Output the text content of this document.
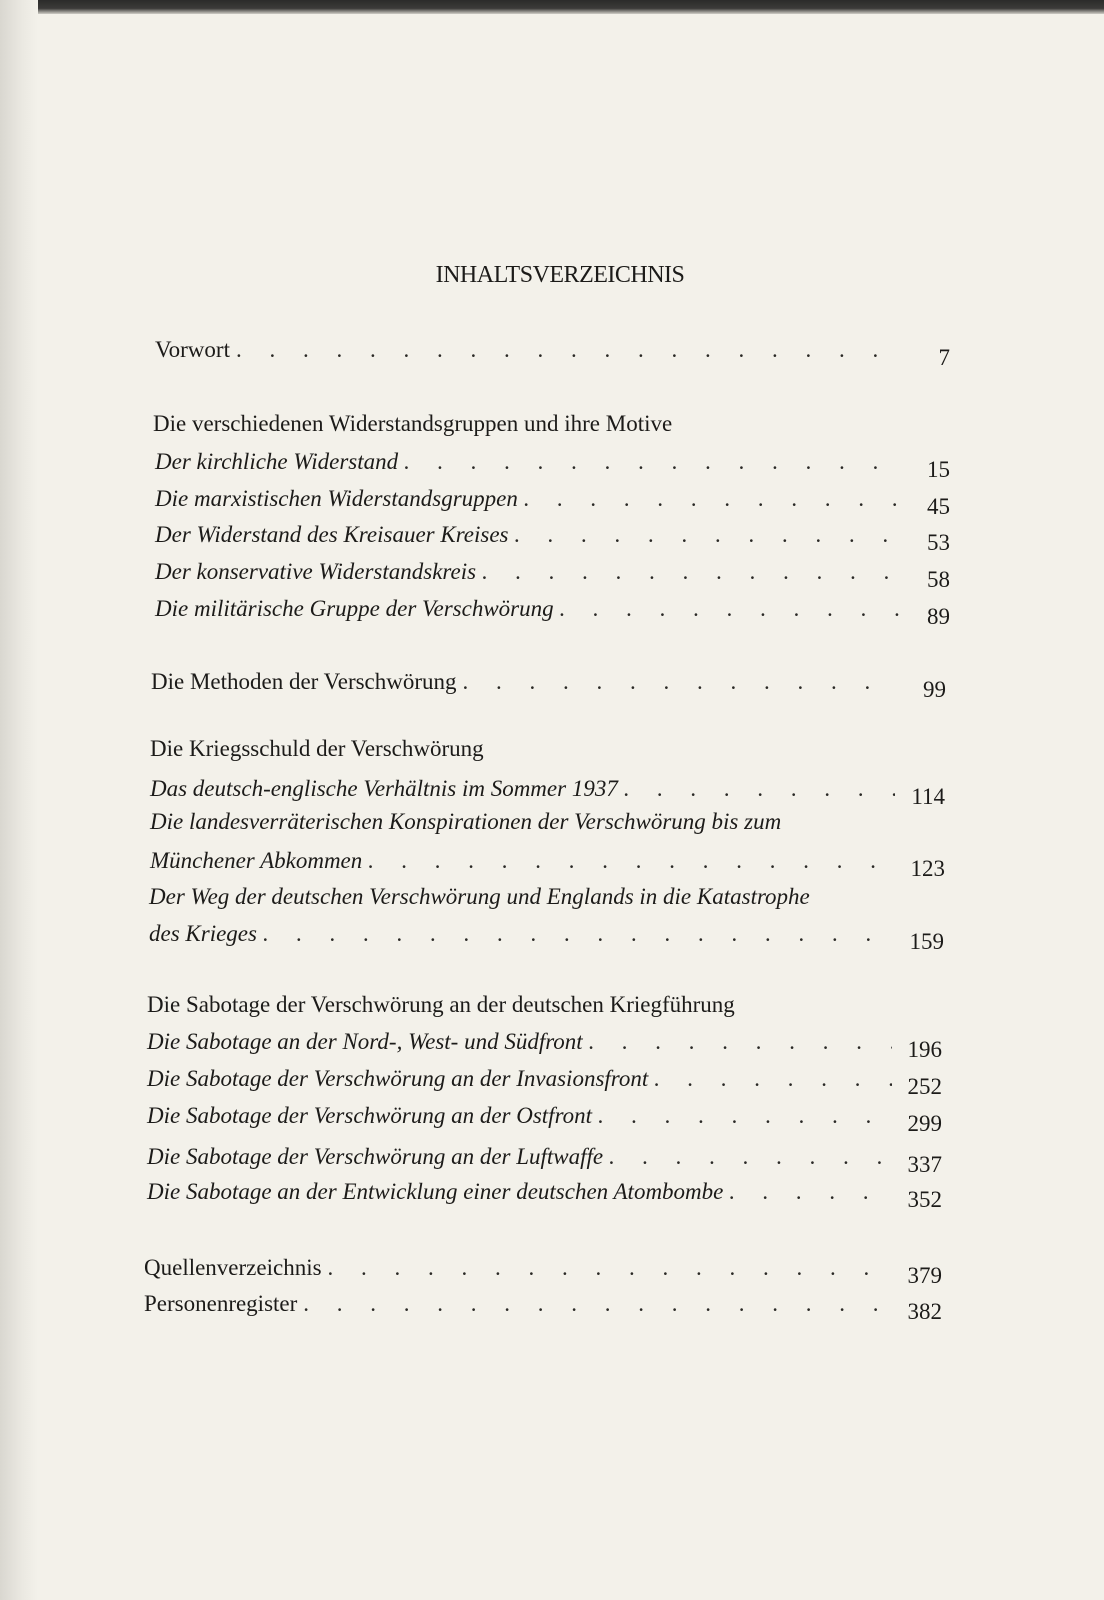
INHALTSVERZEICHNIS
Vorwort . . .	7
Die verschiedenen Widerstandsgruppen und ihre Motive
Der kirchliche Widerstand . . .	15
Die marxistischen Widerstandsgruppen . . .	45
Der Widerstand des Kreisauer Kreises . . .	53
Der konservative Widerstandskreis . . .	58
Die militärische Gruppe der Verschwörung . . .	89
Die Methoden der Verschwörung . . .	99
Die Kriegsschuld der Verschwörung
Das deutsch-englische Verhältnis im Sommer 1937 . . .	114
Die landesverräterischen Konspirationen der Verschwörung bis zum
Münchener Abkommen . . .	123
Der Weg der deutschen Verschwörung und Englands in die Katastrophe
des Krieges . . .	159
Die Sabotage der Verschwörung an der deutschen Kriegführung
Die Sabotage an der Nord-, West- und Südfront . . .	196
Die Sabotage der Verschwörung an der Invasionsfront . . .	252
Die Sabotage der Verschwörung an der Ostfront . . .	299
Die Sabotage der Verschwörung an der Luftwaffe . . .	337
Die Sabotage an der Entwicklung einer deutschen Atombombe . . .	352
Quellenverzeichnis . . .	379
Personenregister . . .	382
